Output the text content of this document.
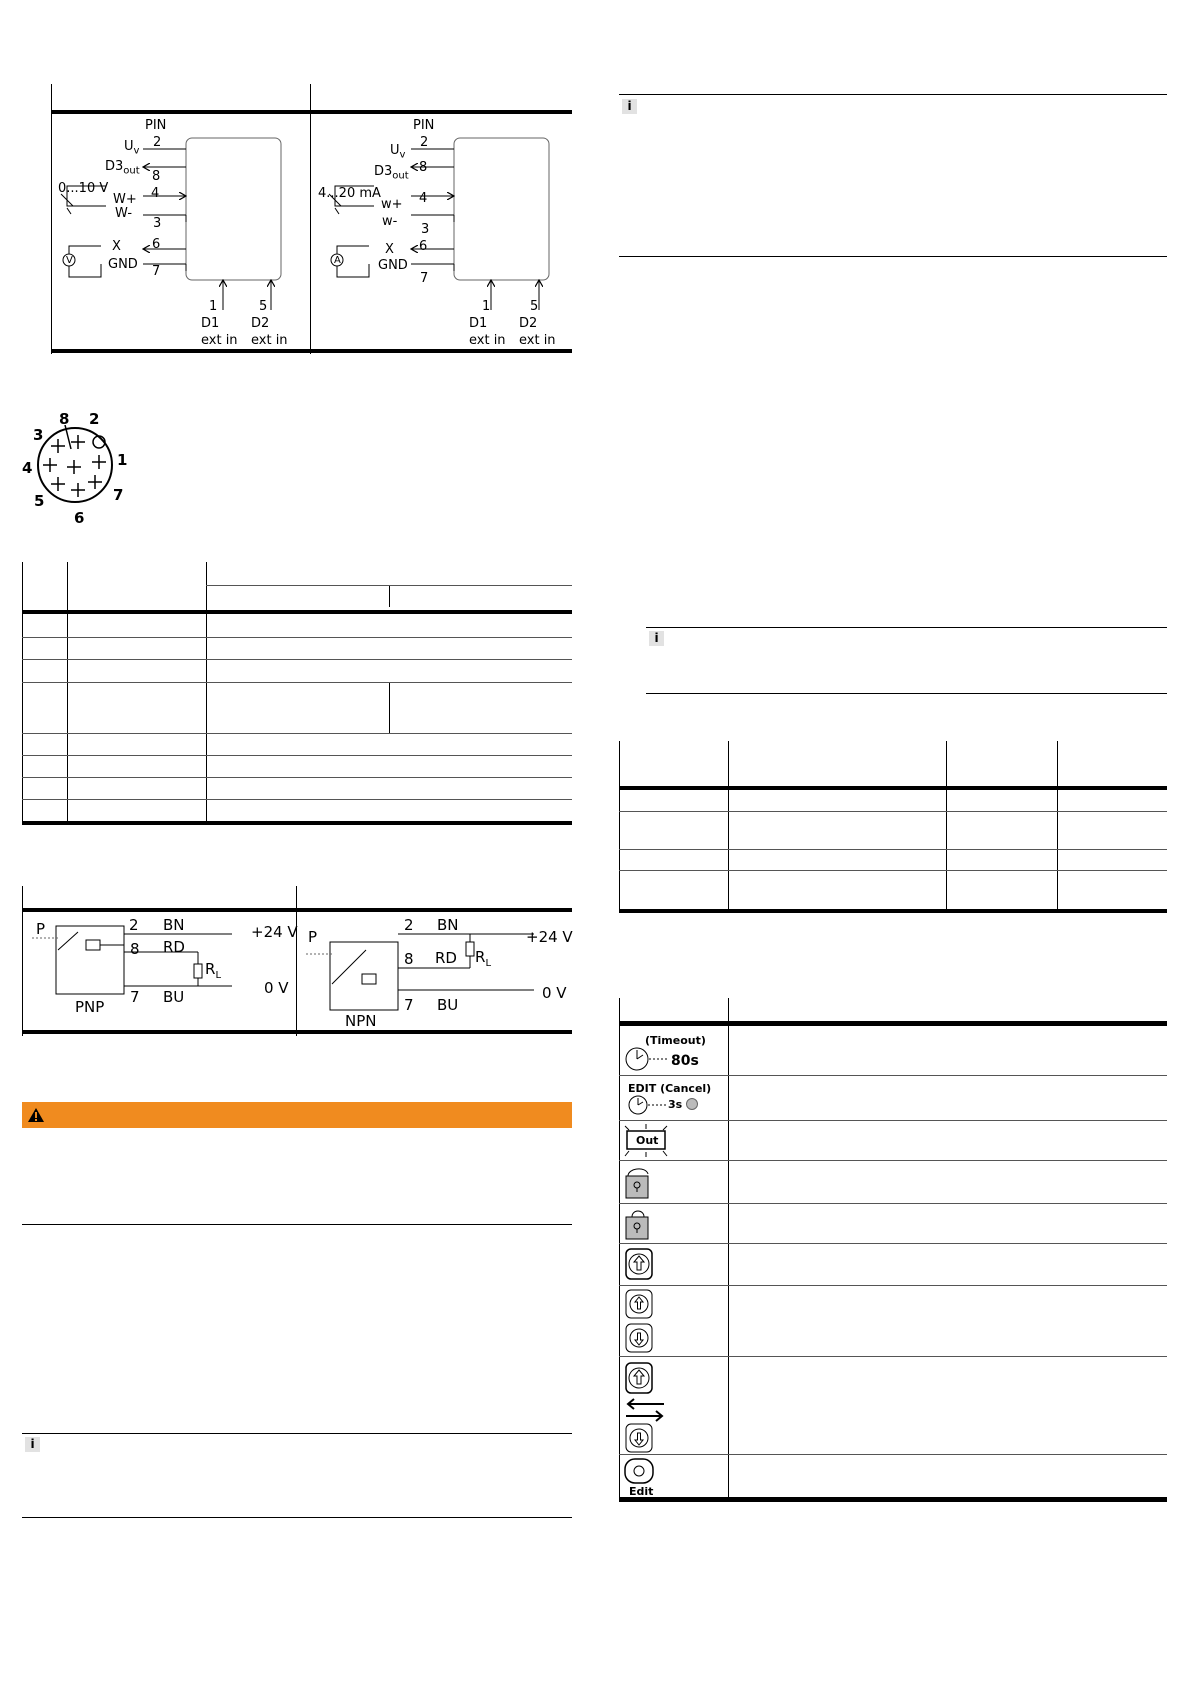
PIN
$U_v$
$D3_{out}$
0...10 V
W+
W-
X
GND
V
2
8
4
3
6
7
1	5
D1 D2
ext in ext in
PIN
$U_v$
$D3_{out}$
4...20 mA
w+
w-
X
GND
A
2
8
4
3
6
7
1	5
D1 D2
ext in ext in
8 2
3
4	1
5	7
6
P	2 BN	+24 V
8 RD
$R_L$
0 V
7 BU
PNP
P
2 BN
+24 V
8 RD $R_L$
0 V
7 BU
NPN
i
i
i
(Timeout)
80s
EDIT (Cancel)
3s
Out
Edit
